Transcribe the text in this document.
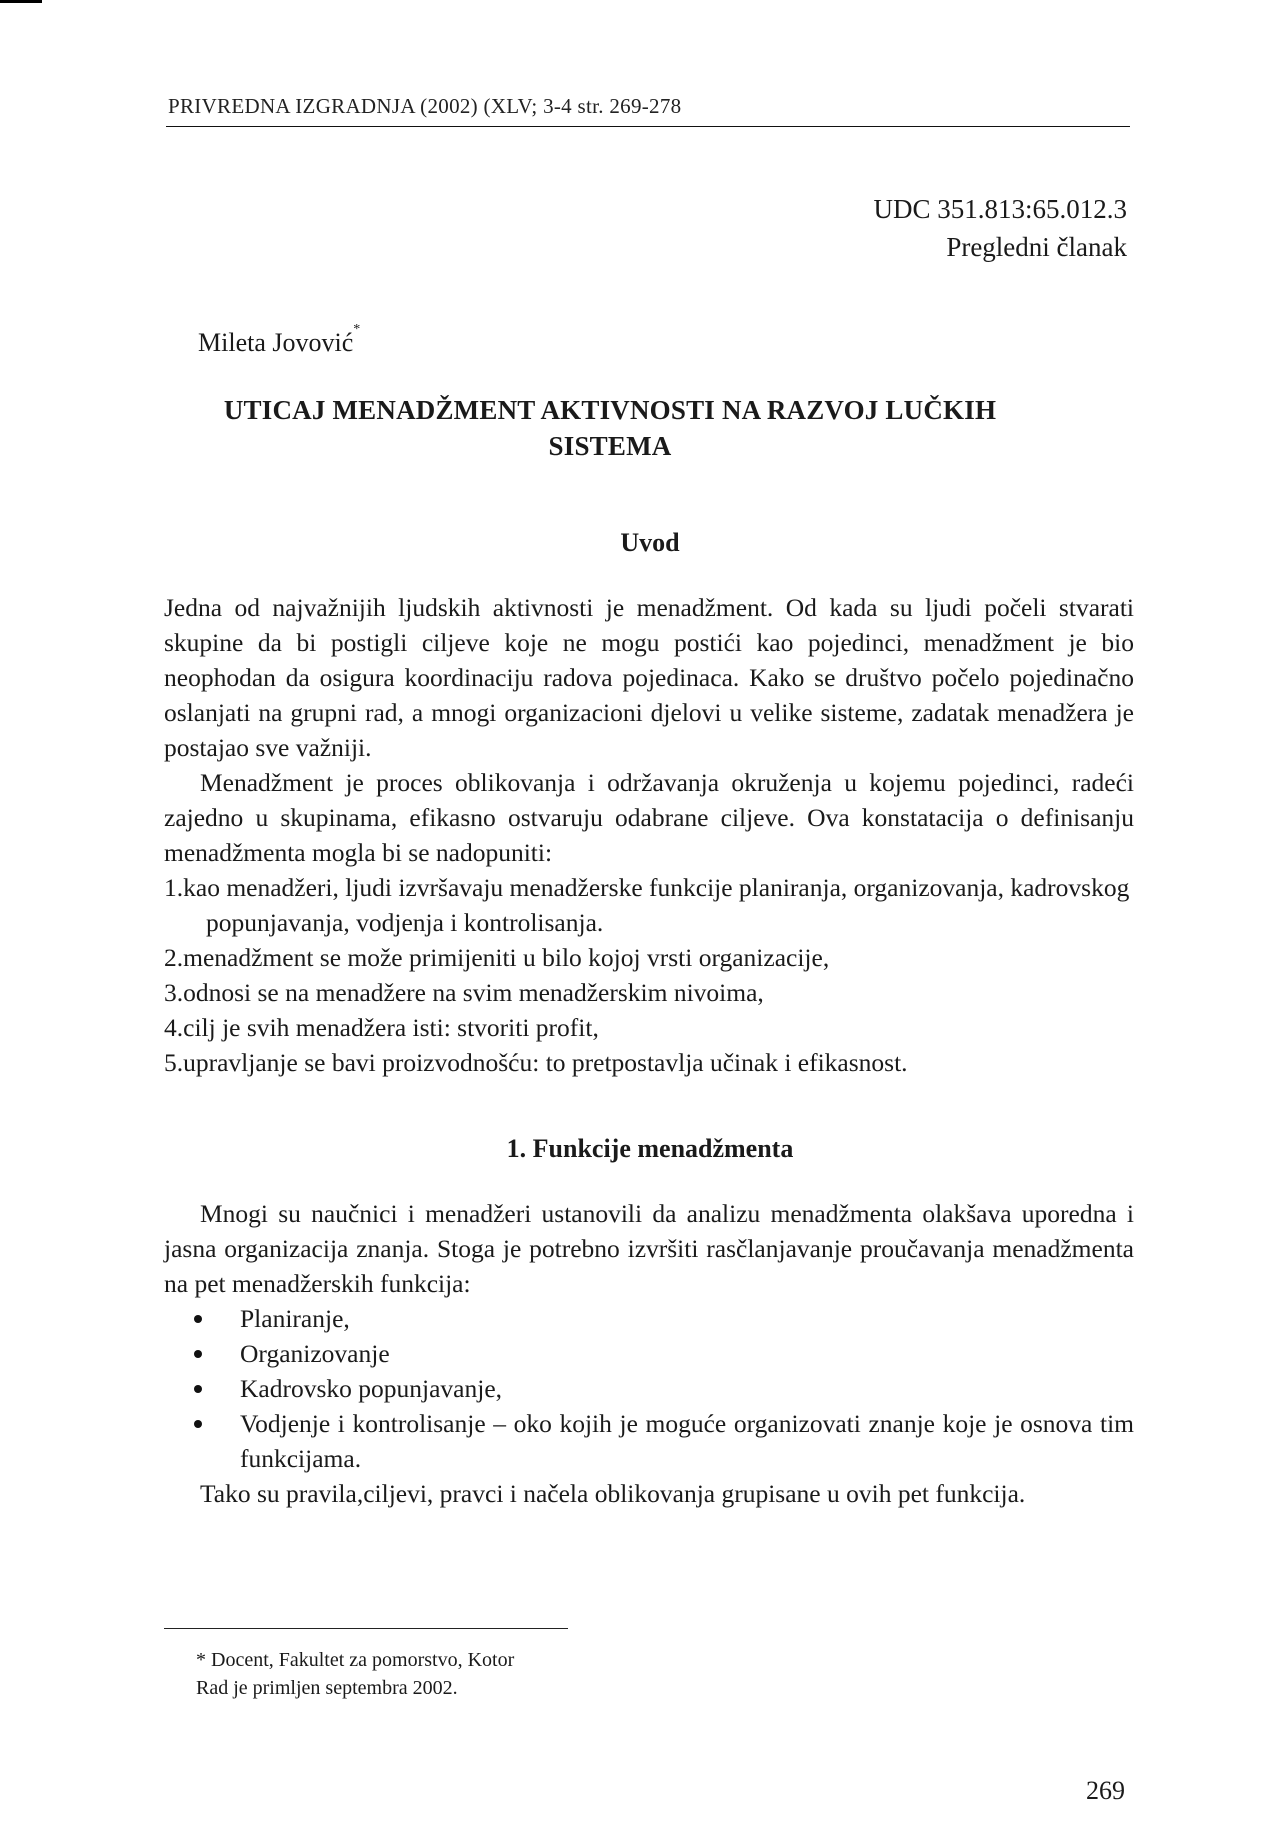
PRIVREDNA IZGRADNJA (2002) (XLV; 3-4 str. 269-278
UDC 351.813:65.012.3
Pregledni članak
Mileta Jovović*
UTICAJ MENADŽMENT AKTIVNOSTI NA RAZVOJ LUČKIH
SISTEMA
Uvod

Jedna od najvažnijih ljudskih aktivnosti je menadžment. Od kada su ljudi počeli stvarati skupine da bi postigli ciljeve koje ne mogu postići kao pojedinci, menadžment je bio neophodan da osigura koordinaciju radova pojedinaca. Kako se društvo počelo pojedinačno oslanjati na grupni rad, a mnogi organizacioni djelovi u velike sisteme, zadatak menadžera je postajao sve važniji.

Menadžment je proces oblikovanja i održavanja okruženja u kojemu pojedinci, radeći zajedno u skupinama, efikasno ostvaruju odabrane ciljeve. Ova konstatacija o definisanju menadžmenta mogla bi se nadopuniti:

1.kao menadžeri, ljudi izvršavaju menadžerske funkcije planiranja, organizovanja, kadrovskog popunjavanja, vodjenja i kontrolisanja.
2.menadžment se može primijeniti u bilo kojoj vrsti organizacije,
3.odnosi se na menadžere na svim menadžerskim nivoima,
4.cilj je svih menadžera isti: stvoriti profit,
5.upravljanje se bavi proizvodnošću: to pretpostavlja učinak i efikasnost.
1. Funkcije menadžmenta

Mnogi su naučnici i menadžeri ustanovili da analizu menadžmenta olakšava uporedna i jasna organizacija znanja. Stoga je potrebno izvršiti rasčlanjavanje proučavanja menadžmenta na pet menadžerskih funkcija:

Planiranje,
Organizovanje
Kadrovsko popunjavanje,
Vodjenje i kontrolisanje – oko kojih je moguće organizovati znanje koje je osnova tim funkcijama.

Tako su pravila,ciljevi, pravci i načela oblikovanja grupisane u ovih pet funkcija.

* Docent, Fakultet za pomorstvo, Kotor
Rad je primljen septembra 2002.
269
